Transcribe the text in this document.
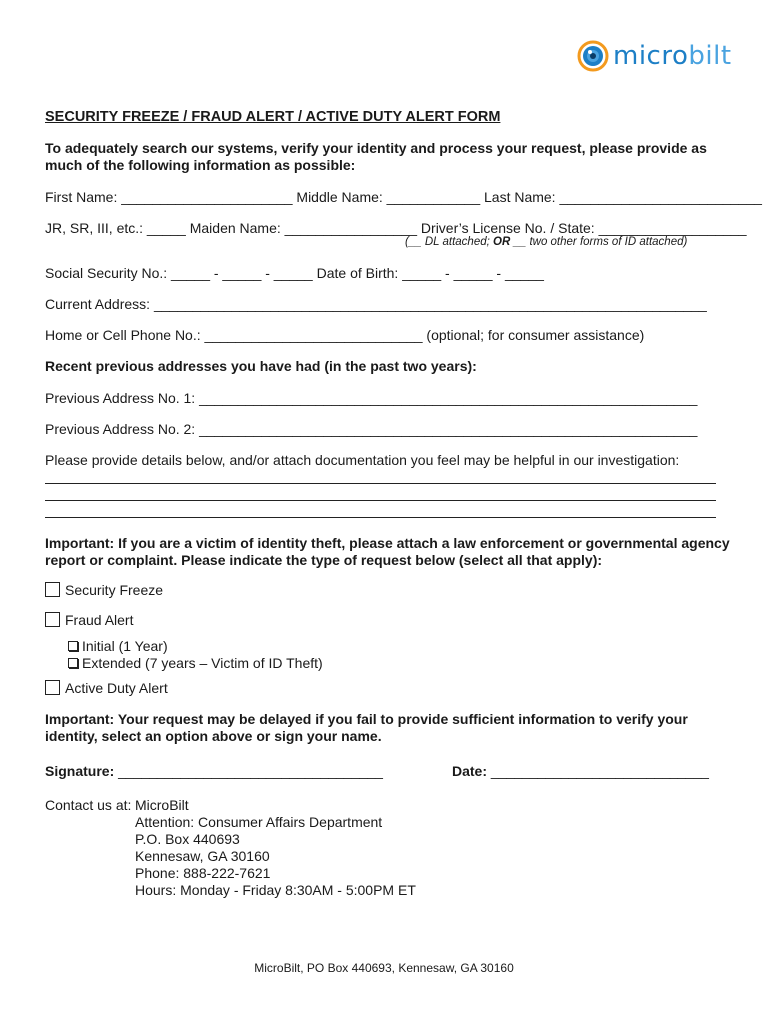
microbilt
SECURITY FREEZE / FRAUD ALERT / ACTIVE DUTY ALERT FORM
To adequately search our systems, verify your identity and process your request, please provide as much of the following information as possible:
First Name: ______________________ Middle Name: ____________ Last Name: __________________________
JR, SR, III, etc.: _____ Maiden Name: _________________ Driver’s License No. / State: ___________________
(__ DL attached; OR __ two other forms of ID attached)
Social Security No.: _____ - _____ - _____ Date of Birth: _____ - _____ - _____
Current Address: _______________________________________________________________________
Home or Cell Phone No.: ____________________________ (optional; for consumer assistance)
Recent previous addresses you have had (in the past two years):
Previous Address No. 1: ________________________________________________________________
Previous Address No. 2: ________________________________________________________________
Please provide details below, and/or attach documentation you feel may be helpful in our investigation:
Important: If you are a victim of identity theft, please attach a law enforcement or governmental agency report or complaint. Please indicate the type of request below (select all that apply):
Security Freeze
Fraud Alert
Initial (1 Year)
Extended (7 years – Victim of ID Theft)
Active Duty Alert
Important: Your request may be delayed if you fail to provide sufficient information to verify your identity, select an option above or sign your name.
Signature: __________________________________	Date: ____________________________
Contact us at: MicroBilt
Attention: Consumer Affairs Department
P.O. Box 440693
Kennesaw, GA 30160
Phone: 888-222-7621
Hours: Monday - Friday 8:30AM - 5:00PM ET
MicroBilt, PO Box 440693, Kennesaw, GA 30160
